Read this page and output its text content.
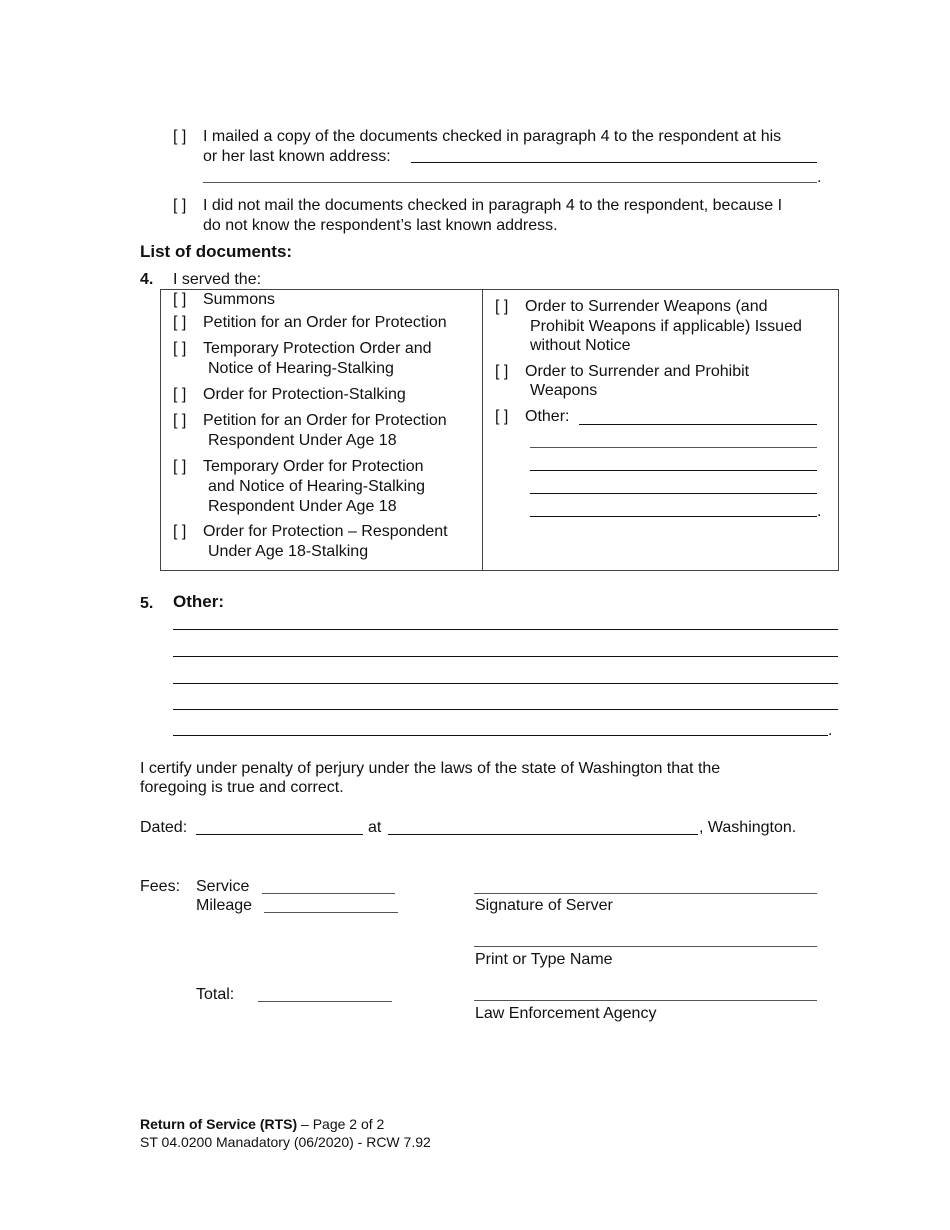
[ ] I mailed a copy of the documents checked in paragraph 4 to the respondent at his
or her last known address:
.
[ ] I did not mail the documents checked in paragraph 4 to the respondent, because I
do not know the respondent’s last known address.
List of documents:
4. I served the:
[ ] Summons
[ ] Petition for an Order for Protection
[ ] Temporary Protection Order and
Notice of Hearing-Stalking
[ ] Order for Protection-Stalking
[ ] Petition for an Order for Protection
Respondent Under Age 18
[ ] Temporary Order for Protection
and Notice of Hearing-Stalking
Respondent Under Age 18
[ ] Order for Protection – Respondent
Under Age 18-Stalking
[ ] Order to Surrender Weapons (and
Prohibit Weapons if applicable) Issued
without Notice
[ ] Order to Surrender and Prohibit
Weapons
[ ] Other:
.
5. Other:
.
I certify under penalty of perjury under the laws of the state of Washington that the
foregoing is true and correct.
Dated:	at	, Washington.
Fees: Service
Mileage
Total:
Signature of Server
Print or Type Name
Law Enforcement Agency
Return of Service (RTS) – Page 2 of 2
ST 04.0200 Manadatory (06/2020) - RCW 7.92
